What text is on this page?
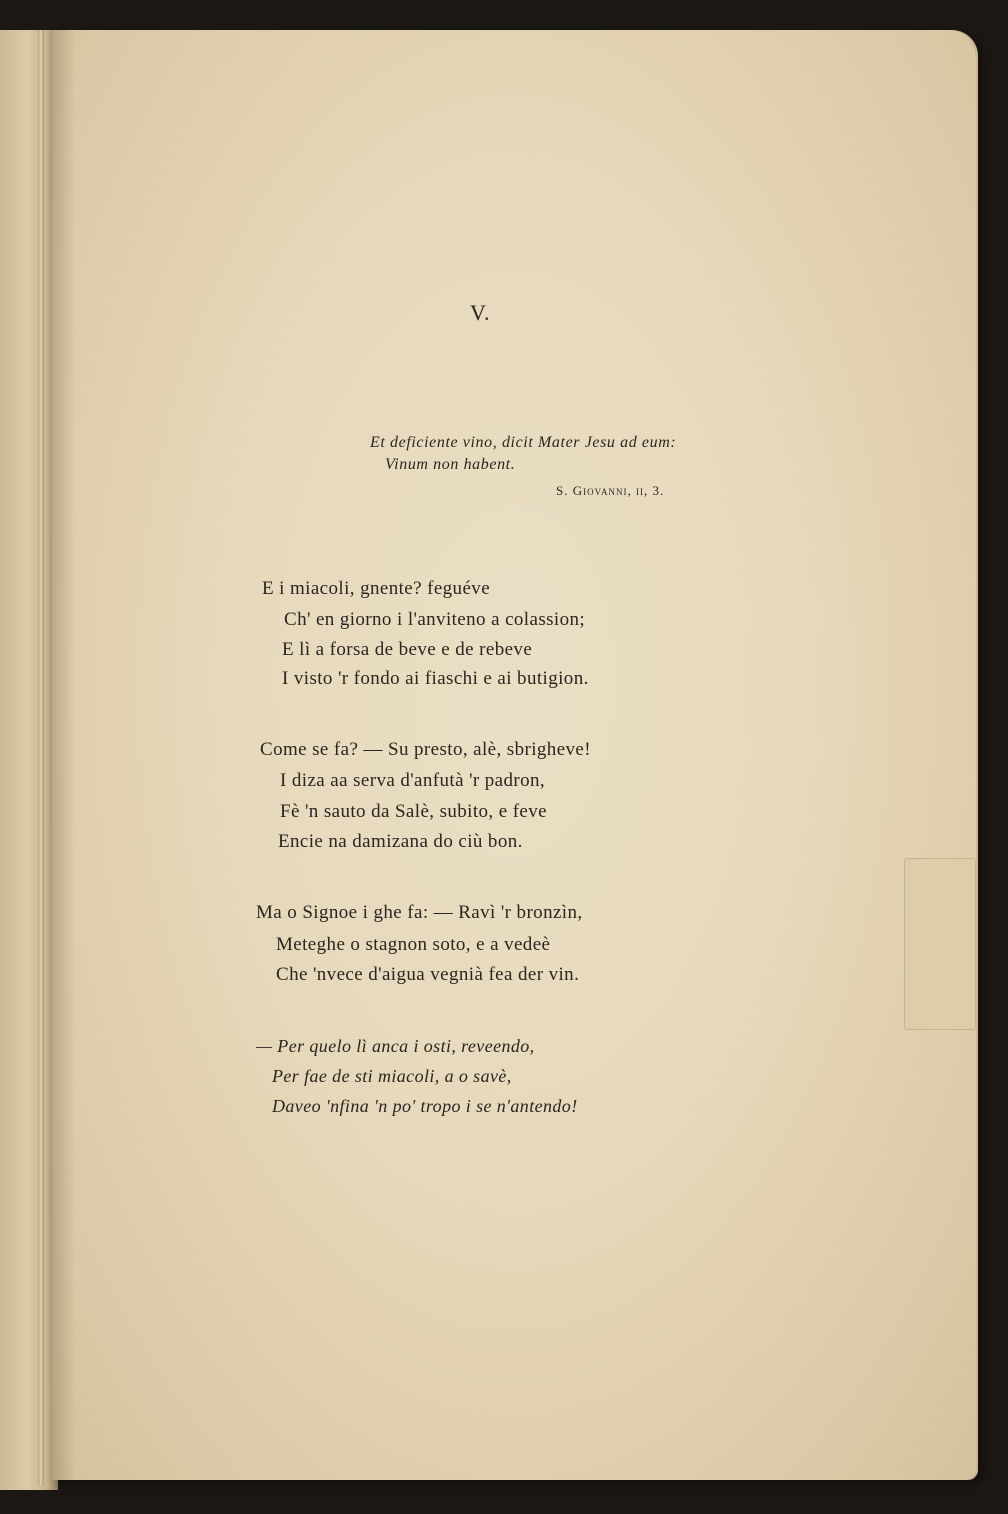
V.
Et deficiente vino, dicit Mater Jesu ad eum:
Vinum non habent.
S. Giovanni, ii, 3.
E i miacoli, gnente? feguéve
Ch' en giorno i l'anviteno a colassion;
E lì a forsa de beve e de rebeve
I visto 'r fondo ai fiaschi e ai butigion.
Come se fa? — Su presto, alè, sbrigheve!
I diza aa serva d'anfutà 'r padron,
Fè 'n sauto da Salè, subito, e feve
Encie na damizana do ciù bon.
Ma o Signoe i ghe fa: — Ravì 'r bronzìn,
Meteghe o stagnon soto, e a vedeè
Che 'nvece d'aigua vegnià fea der vin.
— Per quelo lì anca i osti, reveendo,
Per fae de sti miacoli, a o savè,
Daveo 'nfina 'n po' tropo i se n'antendo!
